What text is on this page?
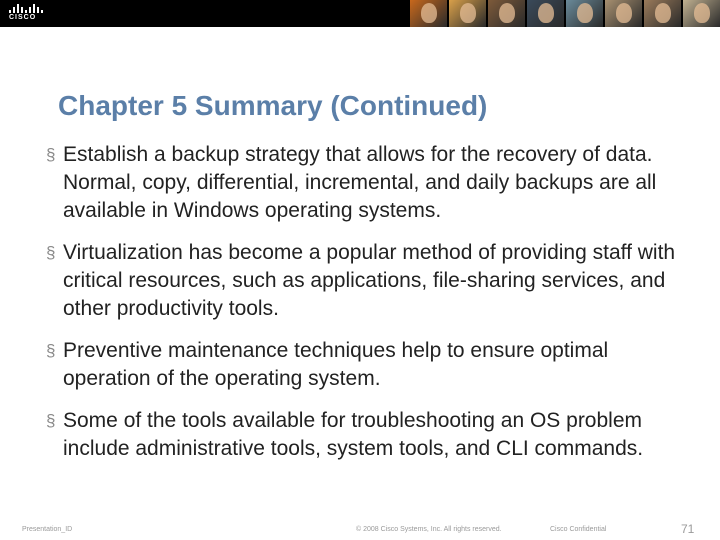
CISCO
Chapter 5 Summary (Continued)
§ Establish a backup strategy that allows for the recovery of data. Normal, copy, differential, incremental, and daily backups are all available in Windows operating systems.
§ Virtualization has become a popular method of providing staff with critical resources, such as applications, file-sharing services, and other productivity tools.
§ Preventive maintenance techniques help to ensure optimal operation of the operating system.
§ Some of the tools available for troubleshooting an OS problem include administrative tools, system tools, and CLI commands.
Presentation_ID	© 2008 Cisco Systems, Inc. All rights reserved.	Cisco Confidential	71
